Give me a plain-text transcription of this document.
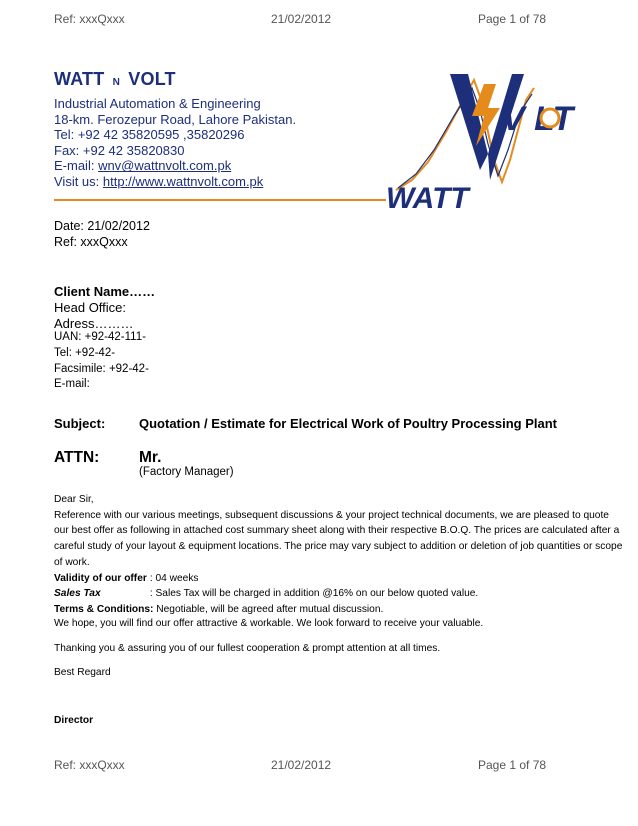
Ref: xxxQxxx	21/02/2012	Page 1 of 78
WATT N VOLT
Industrial Automation & Engineering
18-km. Ferozepur Road, Lahore Pakistan.
Tel: +92 42 35820595 ,35820296
Fax: +92 42 35820830
E-mail: wnv@wattnvolt.com.pk
Visit us: http://www.wattnvolt.com.pk
WATT
V LT
Date: 21/02/2012
Ref: xxxQxxx
Client Name……
Head Office:
Adress………
UAN: +92-42-111-
Tel: +92-42-
Facsimile: +92-42-
E-mail:
Subject:	Quotation / Estimate for Electrical Work of Poultry Processing Plant
ATTN:	Mr.
(Factory Manager)
Dear Sir,
Reference with our various meetings, subsequent discussions & your project technical documents, we are pleased to quote
our best offer as following in attached cost summary sheet along with their respective B.O.Q. The prices are calculated after a
careful study of your layout & equipment locations. The price may vary subject to addition or deletion of job quantities or scope
of work.
Validity of our offer : 04 weeks
Sales Tax	: Sales Tax will be charged in addition @16% on our below quoted value.
Terms & Conditions: Negotiable, will be agreed after mutual discussion.
We hope, you will find our offer attractive & workable. We look forward to receive your valuable.
Thanking you & assuring you of our fullest cooperation & prompt attention at all times.
Best Regard
Director
Ref: xxxQxxx	21/02/2012	Page 1 of 78
